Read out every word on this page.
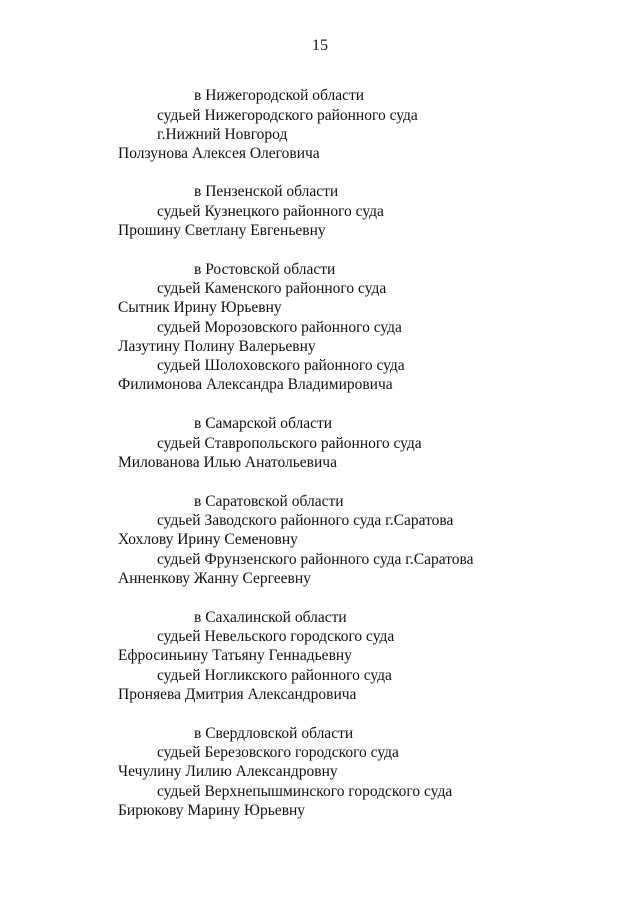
15
в Нижегородской области
судьей Нижегородского районного суда
г.Нижний Новгород
Ползунова Алексея Олеговича
в Пензенской области
судьей Кузнецкого районного суда
Прошину Светлану Евгеньевну
в Ростовской области
судьей Каменского районного суда
Сытник Ирину Юрьевну
судьей Морозовского районного суда
Лазутину Полину Валерьевну
судьей Шолоховского районного суда
Филимонова Александра Владимировича
в Самарской области
судьей Ставропольского районного суда
Милованова Илью Анатольевича
в Саратовской области
судьей Заводского районного суда г.Саратова
Хохлову Ирину Семеновну
судьей Фрунзенского районного суда г.Саратова
Анненкову Жанну Сергеевну
в Сахалинской области
судьей Невельского городского суда
Ефросиньину Татьяну Геннадьевну
судьей Ногликского районного суда
Проняева Дмитрия Александровича
в Свердловской области
судьей Березовского городского суда
Чечулину Лилию Александровну
судьей Верхнепышминского городского суда
Бирюкову Марину Юрьевну
